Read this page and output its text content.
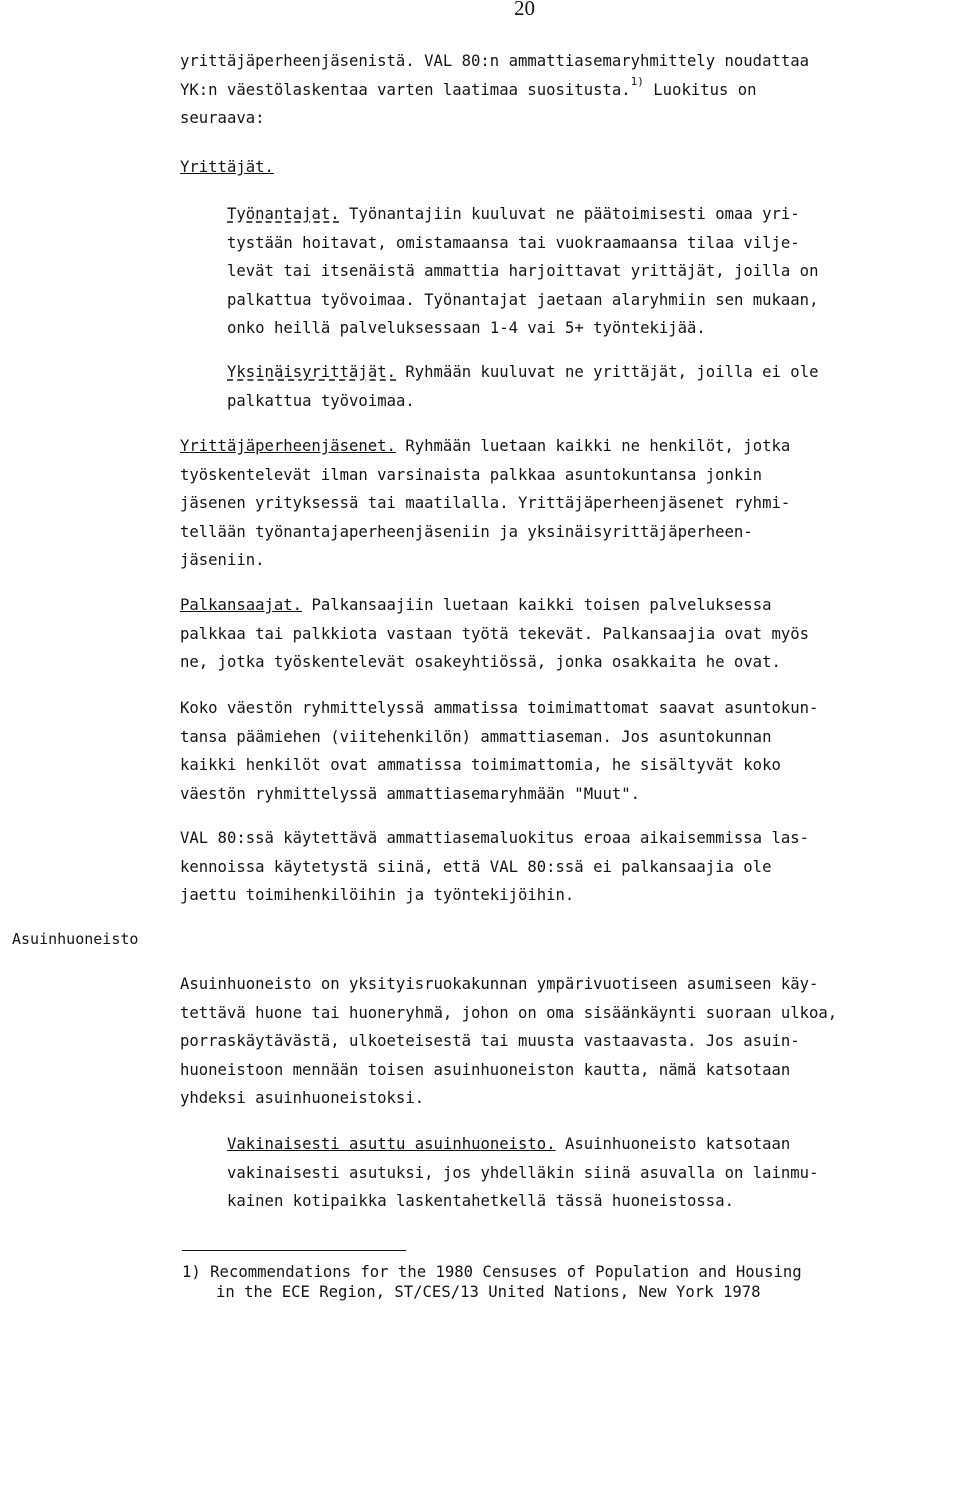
20
yrittäjäperheenjäsenistä. VAL 80:n ammattiasemaryhmittely noudattaa
YK:n väestölaskentaa varten laatimaa suositusta.$^{1)}$ Luokitus on
seuraava:
Yrittäjät.
Työnantajat. Työnantajiin kuuluvat ne päätoimisesti omaa yri-
tystään hoitavat, omistamaansa tai vuokraamaansa tilaa vilje-
levät tai itsenäistä ammattia harjoittavat yrittäjät, joilla on
palkattua työvoimaa. Työnantajat jaetaan alaryhmiin sen mukaan,
onko heillä palveluksessaan 1-4 vai 5+ työntekijää.
Yksinäisyrittäjät. Ryhmään kuuluvat ne yrittäjät, joilla ei ole
palkattua työvoimaa.
Yrittäjäperheenjäsenet. Ryhmään luetaan kaikki ne henkilöt, jotka
työskentelevät ilman varsinaista palkkaa asuntokuntansa jonkin
jäsenen yrityksessä tai maatilalla. Yrittäjäperheenjäsenet ryhmi-
tellään työnantajaperheenjäseniin ja yksinäisyrittäjäperheen-
jäseniin.
Palkansaajat. Palkansaajiin luetaan kaikki toisen palveluksessa
palkkaa tai palkkiota vastaan työtä tekevät. Palkansaajia ovat myös
ne, jotka työskentelevät osakeyhtiössä, jonka osakkaita he ovat.
Koko väestön ryhmittelyssä ammatissa toimimattomat saavat asuntokun-
tansa päämiehen (viitehenkilön) ammattiaseman. Jos asuntokunnan
kaikki henkilöt ovat ammatissa toimimattomia, he sisältyvät koko
väestön ryhmittelyssä ammattiasemaryhmään "Muut".
VAL 80:ssä käytettävä ammattiasemaluokitus eroaa aikaisemmissa las-
kennoissa käytetystä siinä, että VAL 80:ssä ei palkansaajia ole
jaettu toimihenkilöihin ja työntekijöihin.
Asuinhuoneisto
Asuinhuoneisto on yksityisruokakunnan ympärivuotiseen asumiseen käy-
tettävä huone tai huoneryhmä, johon on oma sisäänkäynti suoraan ulkoa,
porraskäytävästä, ulkoeteisestä tai muusta vastaavasta. Jos asuin-
huoneistoon mennään toisen asuinhuoneiston kautta, nämä katsotaan
yhdeksi asuinhuoneistoksi.
Vakinaisesti asuttu asuinhuoneisto. Asuinhuoneisto katsotaan
vakinaisesti asutuksi, jos yhdelläkin siinä asuvalla on lainmu-
kainen kotipaikka laskentahetkellä tässä huoneistossa.
1) Recommendations for the 1980 Censuses of Population and Housing
in the ECE Region, ST/CES/13 United Nations, New York 1978
